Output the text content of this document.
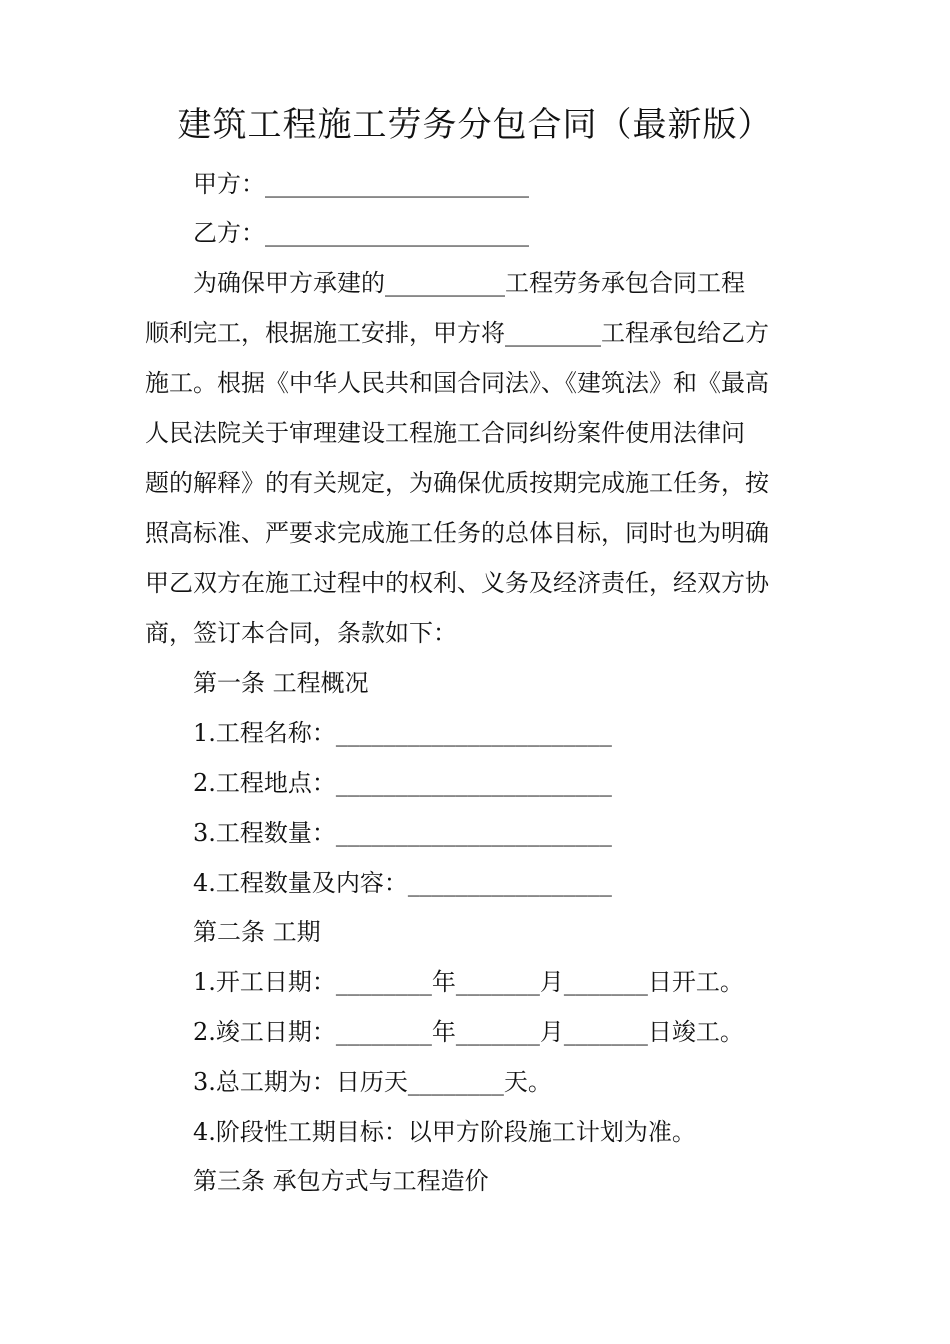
建筑工程施工劳务分包合同（最新版）
甲方：______________________
乙方：______________________
为确保甲方承建的__________工程劳务承包合同工程
顺利完工，根据施工安排，甲方将________工程承包给乙方
施工。根据《中华人民共和国合同法》、《建筑法》和《最高
人民法院关于审理建设工程施工合同纠纷案件使用法律问
题的解释》的有关规定，为确保优质按期完成施工任务，按
照高标准、严要求完成施工任务的总体目标，同时也为明确
甲乙双方在施工过程中的权利、义务及经济责任，经双方协
商，签订本合同，条款如下：
第一条 工程概况
1.工程名称：_______________________
2.工程地点：_______________________
3.工程数量：_______________________
4.工程数量及内容：_________________
第二条 工期
1.开工日期：________年_______月_______日开工。
2.竣工日期：________年_______月_______日竣工。
3.总工期为：日历天________天。
4.阶段性工期目标：以甲方阶段施工计划为准。
第三条 承包方式与工程造价
